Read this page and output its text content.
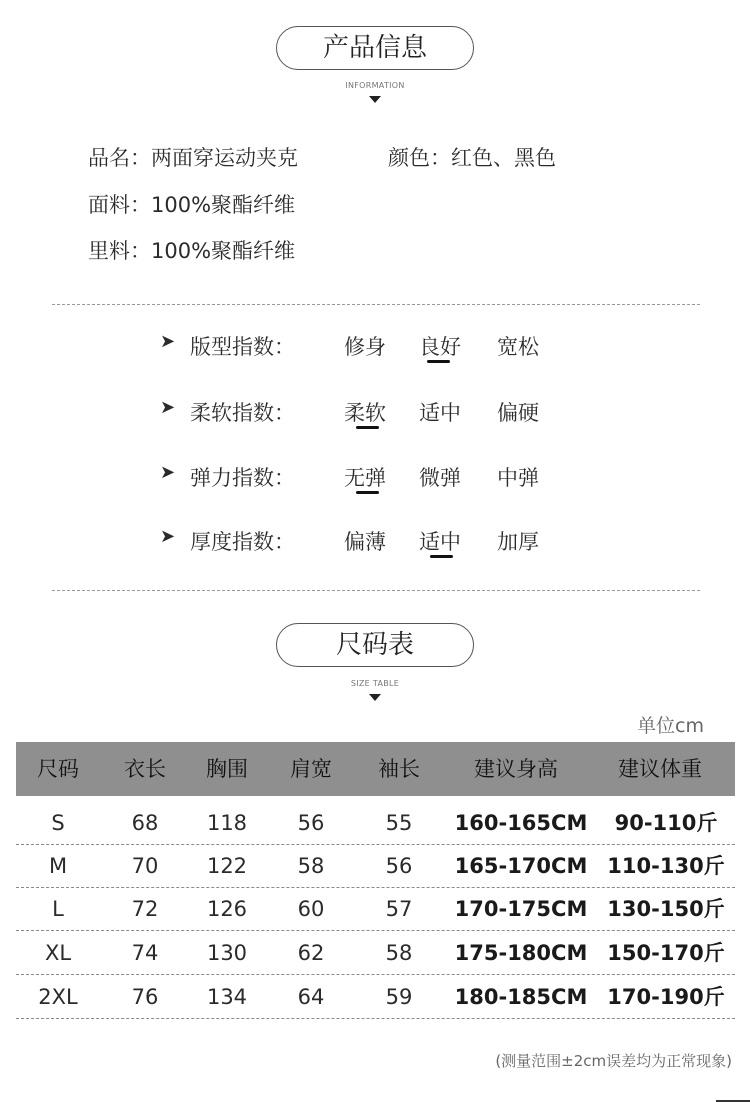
产品信息
INFORMATION
品名：两面穿运动夹克	颜色：红色、黑色
面料：100%聚酯纤维
里料：100%聚酯纤维
➤ 版型指数： 修身 良好 宽松
➤ 柔软指数： 柔软 适中 偏硬
➤ 弹力指数： 无弹 微弹 中弹
➤ 厚度指数： 偏薄 适中 加厚
尺码表
SIZE TABLE
单位cm
尺码	衣长	胸围	肩宽	袖长	建议身高	建议体重
S	68	118	56	55	160-165CM	90-110斤
M	70	122	58	56	165-170CM 110-130斤
L	72	126	60	57	170-175CM 130-150斤
XL	74	130	62	58	175-180CM 150-170斤
2XL	76	134	64	59	180-185CM 170-190斤
(测量范围±2cm误差均为正常现象)
